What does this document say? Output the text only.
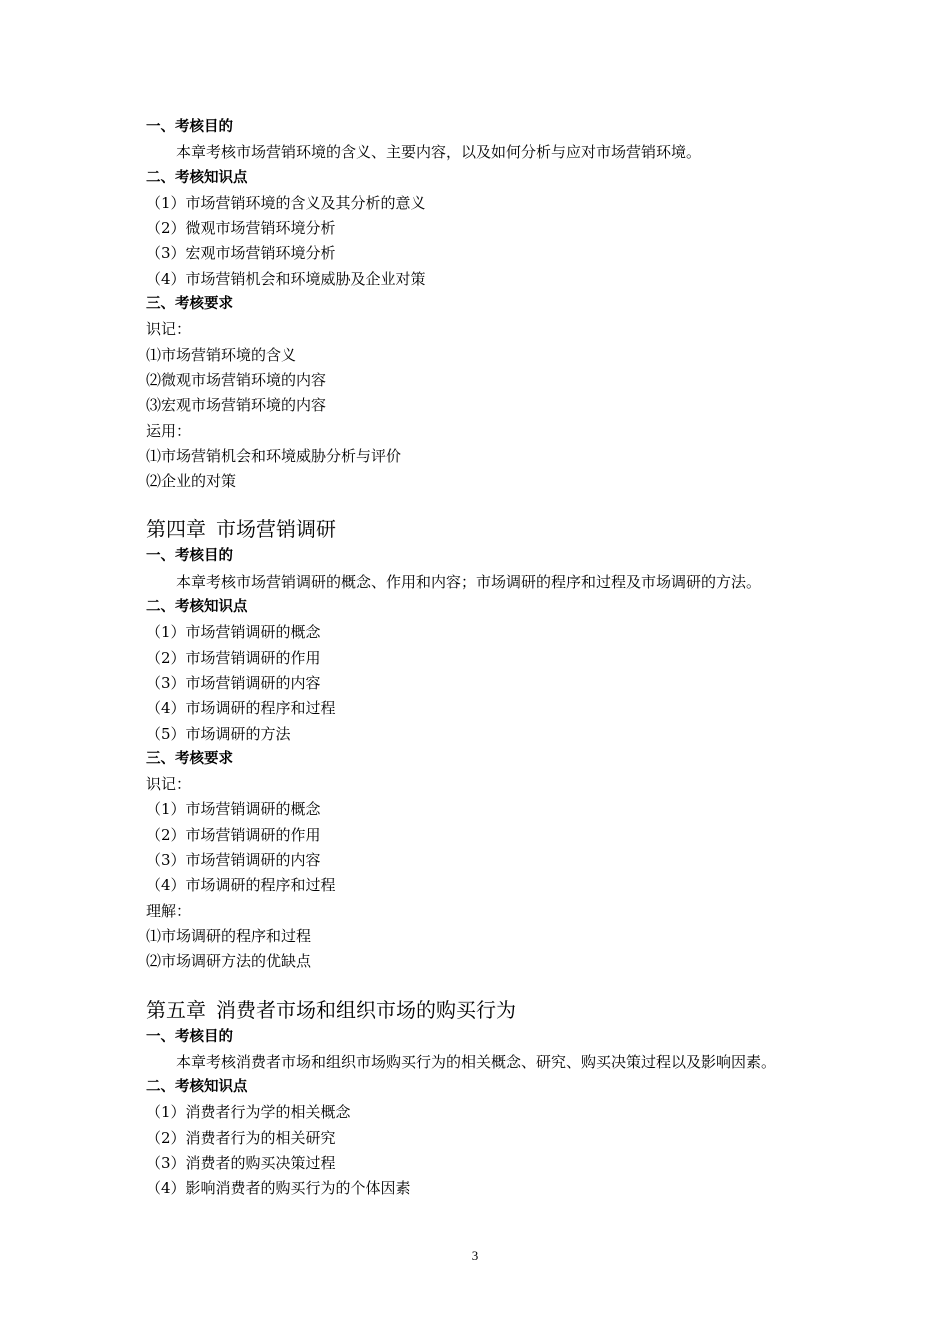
一、考核目的
本章考核市场营销环境的含义、主要内容，以及如何分析与应对市场营销环境。
二、考核知识点
（1）市场营销环境的含义及其分析的意义
（2）微观市场营销环境分析
（3）宏观市场营销环境分析
（4）市场营销机会和环境威胁及企业对策
三、考核要求
识记：
⑴市场营销环境的含义
⑵微观市场营销环境的内容
⑶宏观市场营销环境的内容
运用：
⑴市场营销机会和环境威胁分析与评价
⑵企业的对策
第四章 市场营销调研
一、考核目的
本章考核市场营销调研的概念、作用和内容；市场调研的程序和过程及市场调研的方法。
二、考核知识点
（1）市场营销调研的概念
（2）市场营销调研的作用
（3）市场营销调研的内容
（4）市场调研的程序和过程
（5）市场调研的方法
三、考核要求
识记：
（1）市场营销调研的概念
（2）市场营销调研的作用
（3）市场营销调研的内容
（4）市场调研的程序和过程
理解：
⑴市场调研的程序和过程
⑵市场调研方法的优缺点
第五章 消费者市场和组织市场的购买行为
一、考核目的
本章考核消费者市场和组织市场购买行为的相关概念、研究、购买决策过程以及影响因素。
二、考核知识点
（1）消费者行为学的相关概念
（2）消费者行为的相关研究
（3）消费者的购买决策过程
（4）影响消费者的购买行为的个体因素
3
